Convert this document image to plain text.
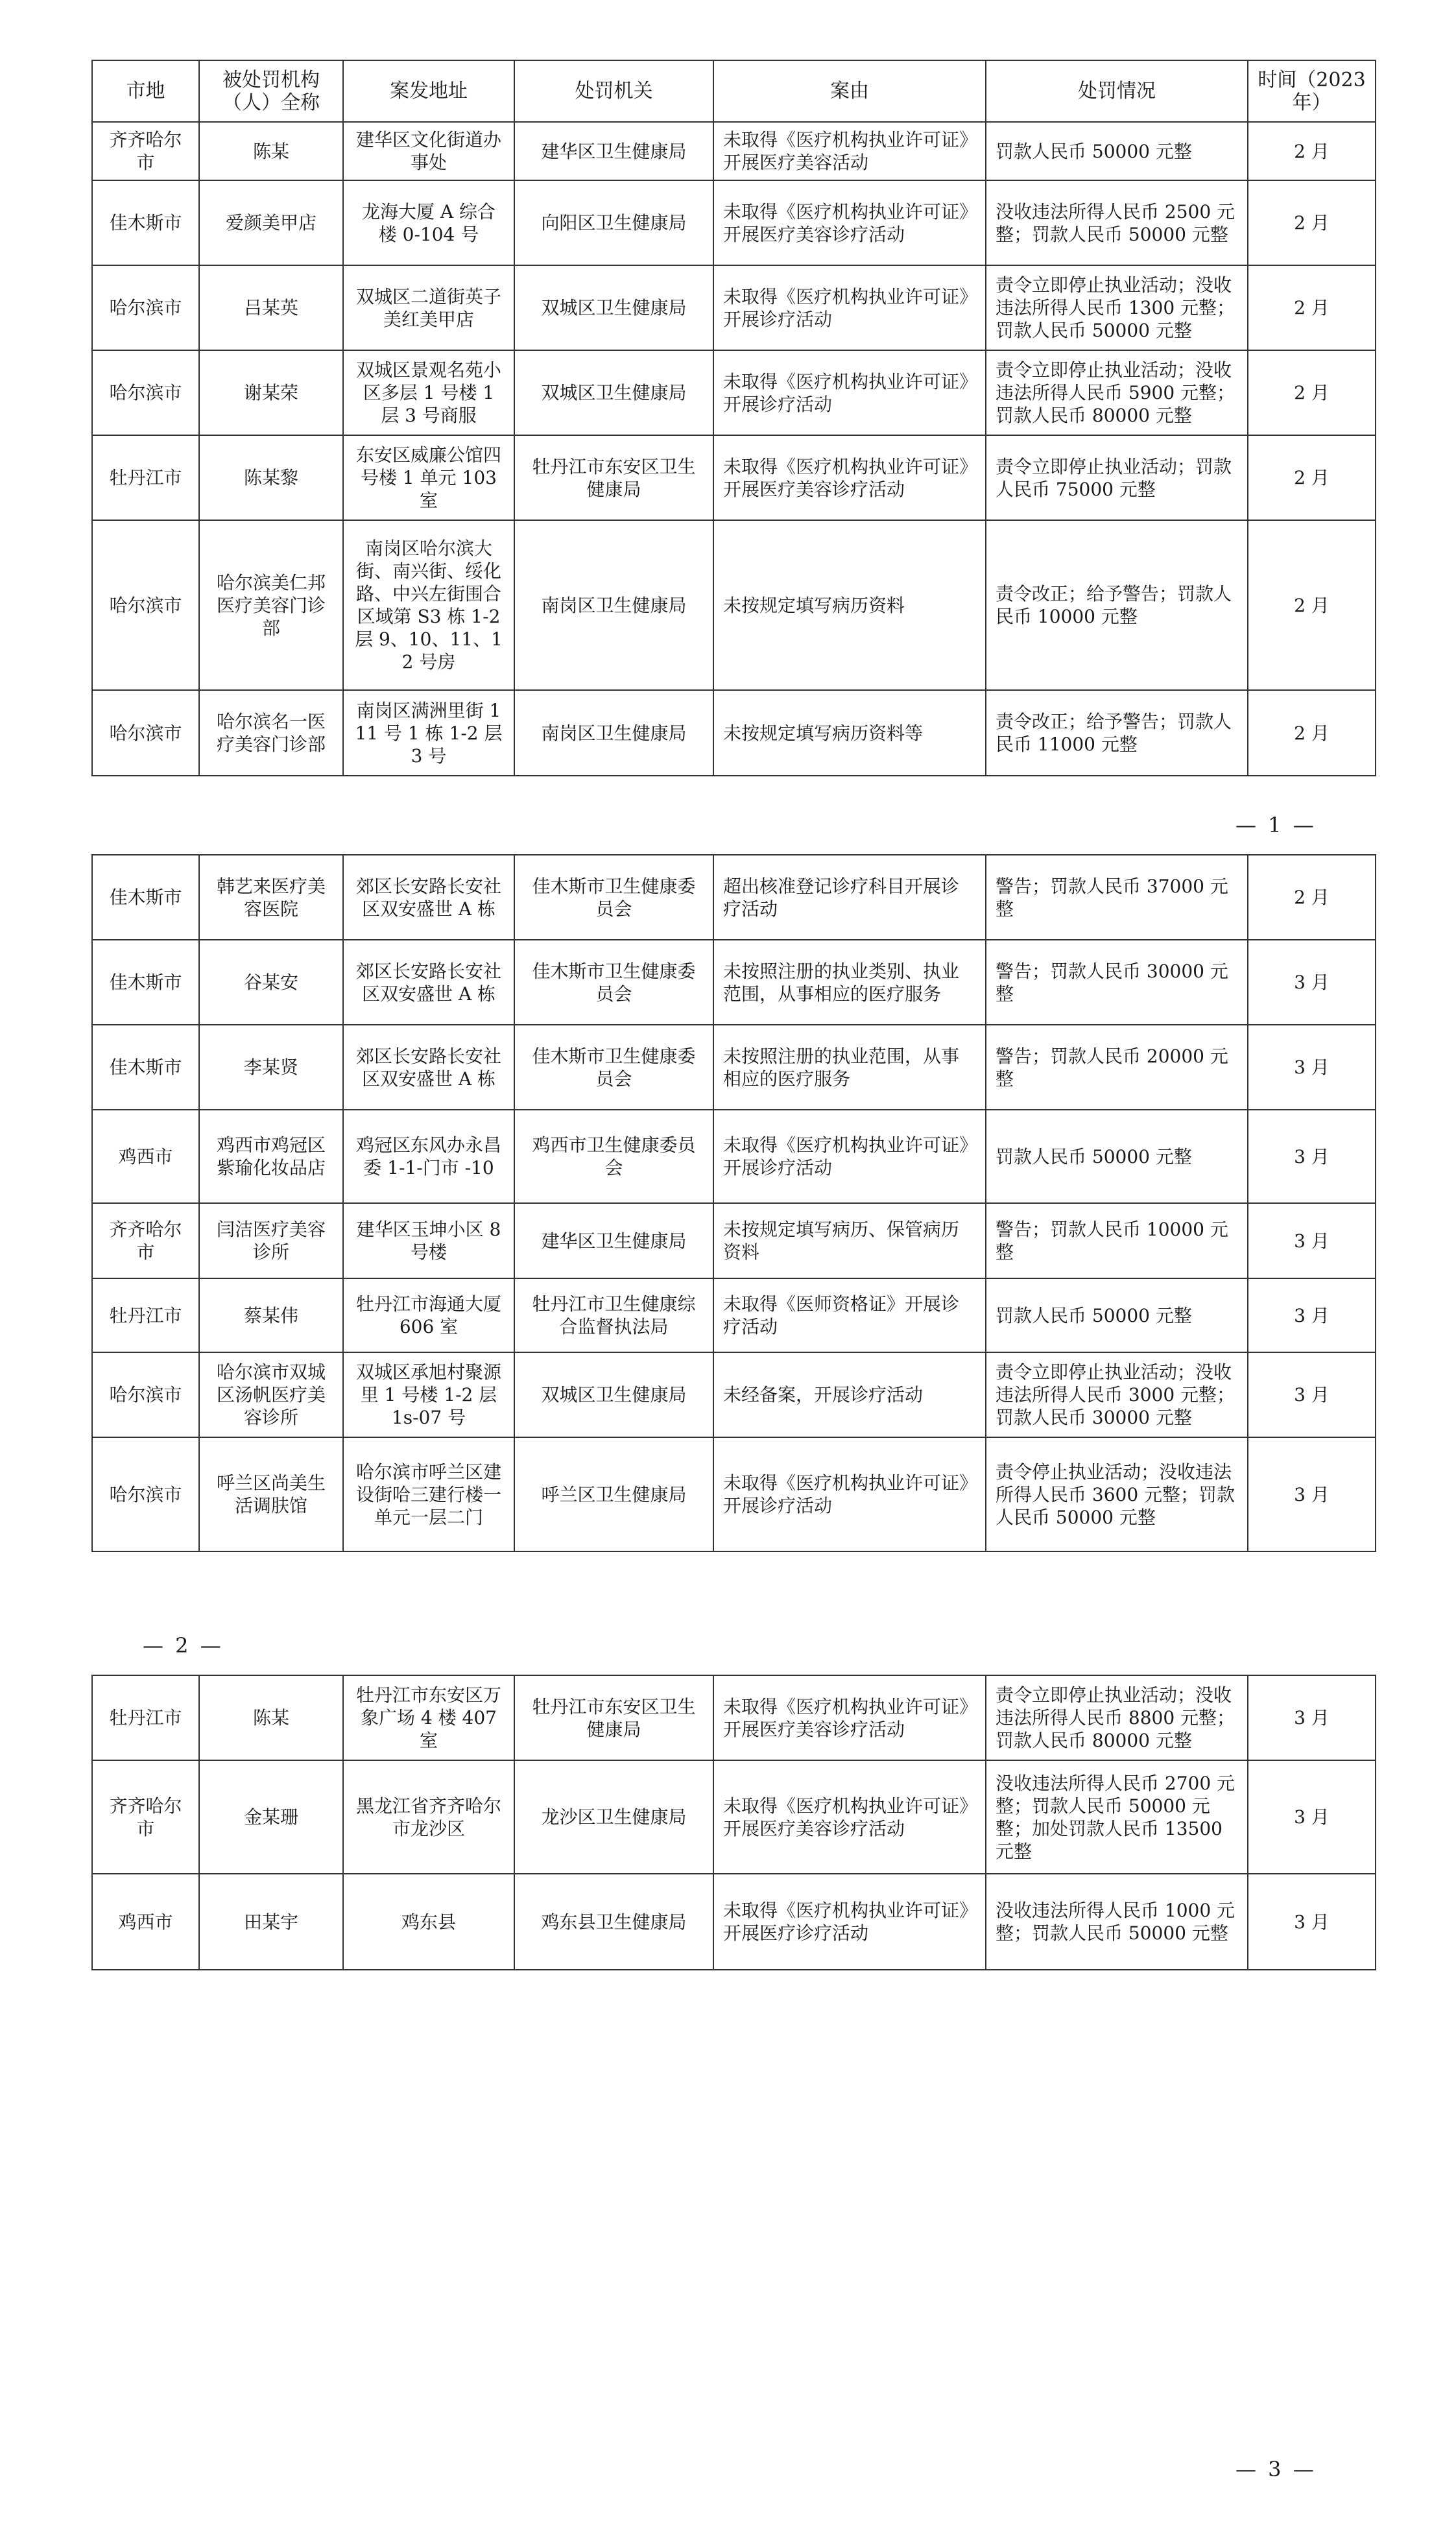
市地	被处罚机构（人）全称	案发地址	处罚机关	案由	处罚情况	时间（2023年）
齐齐哈尔市	陈某	建华区文化街道办事处	建华区卫生健康局	未取得《医疗机构执业许可证》开展医疗美容活动	罚款人民币 50000 元整	2 月
佳木斯市	爱颜美甲店	龙海大厦 A 综合楼 0-104 号	向阳区卫生健康局	未取得《医疗机构执业许可证》开展医疗美容诊疗活动	没收违法所得人民币 2500 元整；罚款人民币 50000 元整	2 月
哈尔滨市	吕某英	双城区二道街英子美红美甲店	双城区卫生健康局	未取得《医疗机构执业许可证》开展诊疗活动	责令立即停止执业活动；没收违法所得人民币 1300 元整；罚款人民币 50000 元整	2 月
哈尔滨市	谢某荣	双城区景观名苑小区多层 1 号楼 1 层 3 号商服	双城区卫生健康局	未取得《医疗机构执业许可证》开展诊疗活动	责令立即停止执业活动；没收违法所得人民币 5900 元整；罚款人民币 80000 元整	2 月
牡丹江市	陈某黎	东安区威廉公馆四号楼 1 单元 103 室	牡丹江市东安区卫生健康局	未取得《医疗机构执业许可证》开展医疗美容诊疗活动	责令立即停止执业活动；罚款人民币 75000 元整	2 月
哈尔滨市	哈尔滨美仁邦医疗美容门诊部	南岗区哈尔滨大街、南兴街、绥化路、中兴左街围合区域第 S3 栋 1-2 层 9、10、11、12 号房	南岗区卫生健康局	未按规定填写病历资料	责令改正；给予警告；罚款人民币 10000 元整	2 月
哈尔滨市	哈尔滨名一医疗美容门诊部	南岗区满洲里街 111 号 1 栋 1-2 层 3 号	南岗区卫生健康局	未按规定填写病历资料等	责令改正；给予警告；罚款人民币 11000 元整	2 月
— 1 —
佳木斯市	韩艺来医疗美容医院	郊区长安路长安社区双安盛世 A 栋	佳木斯市卫生健康委员会	超出核准登记诊疗科目开展诊疗活动	警告；罚款人民币 37000 元整	2 月
佳木斯市	谷某安	郊区长安路长安社区双安盛世 A 栋	佳木斯市卫生健康委员会	未按照注册的执业类别、执业范围，从事相应的医疗服务	警告；罚款人民币 30000 元整	3 月
佳木斯市	李某贤	郊区长安路长安社区双安盛世 A 栋	佳木斯市卫生健康委员会	未按照注册的执业范围，从事相应的医疗服务	警告；罚款人民币 20000 元整	3 月
鸡西市	鸡西市鸡冠区紫瑜化妆品店	鸡冠区东风办永昌委 1-1-门市 -10	鸡西市卫生健康委员会	未取得《医疗机构执业许可证》开展诊疗活动	罚款人民币 50000 元整	3 月
齐齐哈尔市	闫洁医疗美容诊所	建华区玉坤小区 8 号楼	建华区卫生健康局	未按规定填写病历、保管病历资料	警告；罚款人民币 10000 元整	3 月
牡丹江市	蔡某伟	牡丹江市海通大厦 606 室	牡丹江市卫生健康综合监督执法局	未取得《医师资格证》开展诊疗活动	罚款人民币 50000 元整	3 月
哈尔滨市	哈尔滨市双城区汤帆医疗美容诊所	双城区承旭村聚源里 1 号楼 1-2 层 1s-07 号	双城区卫生健康局	未经备案，开展诊疗活动	责令立即停止执业活动；没收违法所得人民币 3000 元整；罚款人民币 30000 元整	3 月
哈尔滨市	呼兰区尚美生活调肤馆	哈尔滨市呼兰区建设街哈三建行楼一单元一层二门	呼兰区卫生健康局	未取得《医疗机构执业许可证》开展诊疗活动	责令停止执业活动；没收违法所得人民币 3600 元整；罚款人民币 50000 元整	3 月
— 2 —
牡丹江市	陈某	牡丹江市东安区万象广场 4 楼 407 室	牡丹江市东安区卫生健康局	未取得《医疗机构执业许可证》开展医疗美容诊疗活动	责令立即停止执业活动；没收违法所得人民币 8800 元整；罚款人民币 80000 元整	3 月
齐齐哈尔市	金某珊	黑龙江省齐齐哈尔市龙沙区	龙沙区卫生健康局	未取得《医疗机构执业许可证》开展医疗美容诊疗活动	没收违法所得人民币 2700 元整；罚款人民币 50000 元整；加处罚款人民币 13500 元整	3 月
鸡西市	田某宇	鸡东县	鸡东县卫生健康局	未取得《医疗机构执业许可证》开展医疗诊疗活动	没收违法所得人民币 1000 元整；罚款人民币 50000 元整	3 月
— 3 —
